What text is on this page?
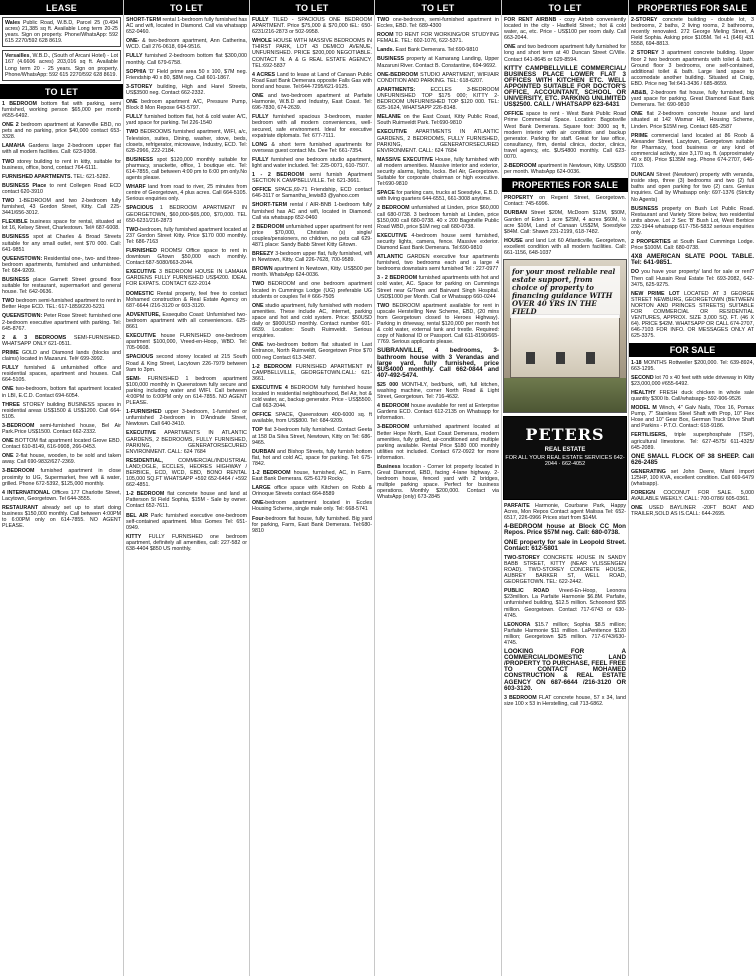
LEASE

Wales Public Road, W.B.D, Parcel 25 (0.494 acres) 21,385 sq ft. Available Long term 20-25 years. Sign on property. Phone/WhatsApp: 592 615 2270/592 628 8619.

Versailles, W.B.D., (South of Arcani Hotel) - Lot 167 (4.6606 acres) 203,016 sq ft. Available Long term 20 - 25 years. Sign on property. Phone/WhatsApp: 592 615 2270/592 628 8619.

TO LET

1 BEDROOM bottom flat with parking, semi furnished, working person $65,000 per month #655-6492.

ONE 2 bedroom apartment at Kaneville EBD, no pets and no parking, price $40,000 contact 653-3328.

LAMAHA Gardens large 2-bedroom upper flat with all modern facilities. Call: 623-9308.

TWO storey building to rent in kitty, suitable for business, office, bond, contact 764-6111.

FURNISHED APARTMENTS. TEL: 621-5282.

BUSINESS Place to rent Collegen Road ECD contact 620-3910

TWO 1-BEDROOM and two 2-bedroom fully furnished, 43 Gordon Street, Kitty. Call 225-3441/656-3012.

FLEXIBLE business space for rental, situated at lot 16, Kelsey Street, Charlestown. Tel# 687-6008.

BUSINESS spot at Charles & Broad Streets suitable for any small outlet, rent $70 000. Call: 641-9851

QUEENSTOWN: Residential one-, two- and three-bedroom apartments, furnished and unfurnished. Tel: 684-9209.

BUSINESS place Garnett Street ground floor suitable for restaurant, supermarket and general house. Tel: 642-0636.

TWO bedroom semi-furnished apartment to rent in Better Hope ECD. TEL: 617-1859/220-5231

QUEENSTOWN: Peter Rose Street: furnished one 2-bedroom executive apartment with parking. Tel: 645-8767.

2 & 3 BEDROOMS SEMI-FURNISHED. WHATSAPP ONLY 621-0511.

PRIME GOLD and Diamond lands (blocks and claims) located in Mazaruni. Tel# 699-3992.

FULLY furnished & unfurnished office and residential spaces, apartment and houses. Call 664-5105.

ONE two-bedroom, bottom flat apartment located in LBI, E.C.D. Contact 694-6054.

THREE STOREY building BUSINESS spaces in residential areas US$1500 & US$1200. Call 664-5105.

3-BEDROOM semi-furnished house, Bel Air Park.Price US$1500. Contact 662-2332.

ONE BOTTOM flat apartment located Grove EBD. Contact 610-8149, 616-9908, 266-0453.

ONE 2-flat house, wooden, to be sold and taken away. Call 690-9832/627-2369.

3-BEDROOM furnished apartment in close proximity to UG, Supermarket, free wifi & water, grilled. Phone 672-5392, $125,000 monthly.

4 INTERNATIONAL Offices 177 Charlotte Street, Lacytown, Georgetown. Tel 644-3555.

RESTAURANT already set up to start doing business $150,000 monthly. Call between 4:00PM to 6:00PM only on 614-7855. NO AGENT PLEASE.

TO LET

SHORT-TERM rental 1-bedroom fully furnished has AC and wifi, located in Diamond. Call via whatsapp 652-0460.

ONE- & two-bedroom apartment, Ann Catherina, WCD. Call 276-0618, 694-9516.

FULLY furnished 2-bedroom bottom flat $300,000 monthly. Call 679-6758.

SOPHIA 'D' Field prime area 50 x 100, $7M neg. Friendship 40 x 80, $8M neg. Call 601-1867.

3-STOREY building, High and Harel Streets, US$3500 neg. Contact 662-2332.

ONE bedroom apartment A/C, Pressure Pump, Block 8 Mon Repose 643-5797.

FULLY furnished bottom flat, hot & cold water A/C, yard space for parking. Tel 226-1540

TWO BEDROOMS furnished apartment, WIFI, a/c, Television, suites, Dining, washer, stove, beds, closets, refrigerator, microwave, Industry, ECD. Tel: 628-2966, 222-2184.

BUSINESS spot $120,000 monthly suitable for pharmacy, snackette, office, 1 boutique etc. Tel: 614-7855, call between 4:00 pm to 6:00 pm only.No agents please.

WHARF land from road to river, 25 minutes from centre of Georgetown, 4 plus acres. Call 664-5105. Serious enquiries only.

SPACIOUS 1 BEDROOM APARTMENT IN GEORGETOWN, $60,000-$65,000, $70,000. TEL 650-6231/216-2873

TWO-bedroom, fully furnished apartment located at 237 Gordon Street Kitty. Price $170 000 monthly. Tel: 686-7163

FURNISHED ROOMS/ Office space to rent in downtown G/town $50,000 each monthly. Contact:687-5080/663-2044.

EXECUTIVE 3 BEDROOM HOUSE IN LAMAHA GARDENS FULLY FURNISHED US$4200. IDEAL FOR EXPATS. CONTACT 622-2014

DOMESTIC Rental property, feel free to contact Mohamed construction & Real Estate Agency on 687-6644 /216-3120 or 603-3120.

ADVENTURE, Essequibo Coast: Unfurnished two-bedroom apartment with all conveniences. 625-8661

EXECUTIVE house FURNISHED one-bedroom apartment $100,000, Vreed-en-Hoop, WBD. Tel: 705-0608.

SPACIOUS second storey located at 215 South Road & King Street, Lacytown 226-7979 between 9am to 3pm.

SEMI- FURNISHED 1 bedroom apartment $100,000 monthly in Queenstown fully secure and parking including water and WIFI. Call between 4:00PM to 6:00PM only on 614-7855. NO AGENT PLEASE.

1-FURNISHED upper 3-bedroom, 1-furnished or unfurnished 2-bedroom in D'Andrade Street, Newtown. Call 640-3410.

EXECUTIVE APARTMENTS IN ATLANTIC GARDENS, 2 BEDROOMS, FULLY FURNISHED, PARKING, GENERATORSECURED ENVIRONMENT. CALL: 624 7684

RESIDENTIAL, COMMERCIAL/INDUSTRIAL LAND;OGLE, ECCLES, HEORES HIGHWAY / BERBICE, ECD, WCD, EBD, BONO RENTAL 105,000 SQ.FT WHATSAPP +592 652-6464 / +592 662-4851.

1-2 BEDROOM flat concrete house and land at Patterson St Field Sophia, $15M - Sale by owner. Contact 652-7611.

BEL AIR Park: furnished executive one-bedroom self-contained apartment. Miss Gomes Tel: 651-0949.

KITTY FULLY FURNISHED one bedroom apartment, definitely all amenities, call: 227-582 or 638-4404 $850 US monthly.

TO LET

FULLY TILED - SPACIOUS ONE BEDROOM APARTMENT. Price $75,000 & $70,000 tEL: 650-6231/216-2873 or 502-9958.

WHOLE HOUSE WITH MASSIVE BEDROOMS IN THIRST PARK, LOT 43 DEMICO AVENUE, UNFURNISHED. PRICE $200,000 NEGOTIABLE. CONTACT N. A & G REAL ESTATE AGENCY. TEL:692-5837

4 ACRES Land to lease at Land of Canaan Public Road East Bank Demerara opposite Falls Gas with bond and house. Tel:644-7295/621-9125.

ONE and two-bedroom apartment at Parfaite Harmonie, W.B.D and Industry, East Coast. Tel: 696-7830, 674-2639.

FULLY furnished spacious 3-bedroom, master bedroom with all modern conveniences, well-secured, safe environment. Ideal for executive expatriate diplomats. Tel: 677-7111.

LONG & short term furnished apartments for overseas guest contact Ms. Dee Tel: 661-7354.

FULLY furnished one bedroom studio apartment, light and water included. Tel: 225-0071, 610-7507.

1 - 2 BEDROOM semi furnish Apartment SECTION K CAMPBELLVILLE. Tel: 621-3661.

OFFICE SPACE,69-71 Friendship, ECD contact 646-3117 or Samantha_lewis83 @yahoo.com

SHORT-TERM rental / AIR-BNB 1-bedroom fully furnished has AC and wifi, located in Diamond. Call via whatsapp 652-0460

2 BEDROOM unfurnished upper apartment for rent price $70,000, Christian (s) single/ couples/pensioners, no children, no pets call 629-4871 place: Sandy Babb Street Kitty G/town.

BREEZY 3-bedroom upper flat, fully furnished, wifi in Newtown, Kitty. Call 226-7628, 700-9589.

BROWN apartment in Newtown, Kitty. US$500 per month. WhatsApp 624-0036.

TWO BEDROOM and one bedroom apartment located in Cummings Lodge (UG) preferable UG students or couples Tel # 666-7505

ONE studio apartment, fully furnished with modern amenities. These include AC, internet, parking space and hot and cold system. Price: $50USD daily or $900USD monthly. Contact number 601-6639. Location: South Ruimveldt. Serious enquiries.

ONE two-bedroom bottom flat situated in Last Entrance, North Ruimveldt, Georgetown Price $70 000 neg Contact 613-3487.

1-2 BEDROOM FURNISHED APARTMENT IN CAMPBELLVILLE, GEORGETOWN.CALL: 621-3661.

EXECUTIVE 4 BEDROOM fully furnished house located in residential neighbourhood, Bel Air, hot & cold water, ac, backup generator. Price - US$5500. Call 663-2044.

OFFICE SPACE, Queenstown 400-6000 sq. ft available, from US$800. Tel: 684-9209.

TOP flat 3-bedroom fully furnished. Contact Geeta at 158 Da Silva Street, Newtown, Kitty on Tel: 686-9465.

DURBAN and Bishop Streets, fully furnish bottom flat, hot and cold AC, space for parking. Tel: 675-7842.

1-2 BEDROOM house, furnished, AC, in Farm, East Bank Demerara. 625-6179 Rocky.

LARGE office space with Kitchen on Robb & Orinoque Streets contact 664-8589

ONE-bedroom apartment located in Eccles Housing Scheme, single male only. Tel: 668-5741

Four-bedroom flat house, fully furnished. Big yard for parking, Farm, East Bank Demerara. Tel:680-9810

TO LET

TWO one-bedroom, semi-furnished apartment in Eccles, EBD. Tel: 689-4300

ROOM TO RENT FOR WORKING/OR STUDYING FEMALE. TEL: 602-1076, 622-5371.

Lands. East Bank Demerara. Tel:690-9810

BUSINESS property at Kamarang Landing, Upper Mazaruni River. Contact B. Constantine, 694-9692.

ONE-BEDROOM STUDIO APARTMENT, WIFI/AIR CONDITION AND PARKING. TEL: 618-6207.

APARTMENTS: ECCLES 3-BEDROOM UNFURNISHED TOP $175 000; KITTY 2-BEDROOM UNFURNISHED TOP $120 000. TEL: 625-1624, WHATSAPP 226-8148.

MELANIE on the East Coast, Kitty Public Road, South Ruimveldt Park. Tel:690-9810

EXECUTIVE APARTMENTS IN ATLANTIC GARDENS, 2 BEDROOMS, FULLY FURNISHED, PARKING, GENERATORSECURED ENVIRONMENT. CALL: 624 7684

MASSIVE EXECUTIVE House, fully furnished with all modern amenities. Massive interior and exterior, security alarms, lights, locks. Bel Air, Georgetown. Suitable for corporate chairman or high executive. Tel:690-9810

SPACE for parking cars, trucks at Soesdyke, E.B.D. with living quarters 644-6551, 661-3008 anytime.

2 BEDROOM unfurnished at Linden, price $60,000 call 680-0738. 3 bedroom furnish at Linden, price $150,000 call 680-0738. 40 x 200 Bagotville Public Road WBD, price $1M neg call 680-0738.

EXECUTIVE 4-bedroom house semi furnished, security lights, camera, fence. Massive exterior. Diamond East Bank Demerara. Tel:690-9810

ATLANTIC GARDEN executive four apartments furnished, two bedrooms each and a large 4 bedrooms downstairs semi furnished Tel : 227-0977

3 - 2 BEDROOM furnished apartments with hot and cold water, AC. Space for parking on Cummings Street near G/Town and Bairvant Singh Hospital. USD$1000 per Month. Call or Whatsapp 660-0244

TWO BEDROOM apartment available for rent in upscale Herstelling New Scheme, EBD, (20 mins from Georgetown closed to Heroes Highway). Parking in driveway, rental $120,000 per month hot & cold water, external tank and trestle. Required: copy of National ID or Passport. Call 611-8190/665-7769. Serious applicants please.

SUBRANVILLE, 4 bedrooms, 3-bathroom house with 3 Verandas and large yard, fully furnished, price $US4000 monthly. Call 662-0844 and 407-492-5474.

$25 000 MONTHLY, bed/bunk, wifi, full kitchen, washing machine, corner North Road & Light Street, Georgetown. Tel: 716-4632.

4 BEDROOM house available for rent at Enterprise Gardens ECD. Contact 612-2135 on Whatsapp for information.

3-BEDROOM unfurnished apartment located at Better Hope North, East Coast Demerara, modern amenities, fully grilled, air-conditioned and multiple parking available. Rental Price $180 000 monthly utilities not included. Contact 672-0922 for more information.

Business location - Corner lot property located in Great Diamond, EBD, facing 4-lane highway. 2-bedroom house, fenced yard with 2 bridges, multiple parking space. Perfect for business operations. Monthly $200,000. Contact via WhatsApp (only) 673-2845

TO LET

FOR RENT AIRBNB - cozy Airbnb conveniently located in the city - Hadfield Street.; hot & cold water, ac, etc. Price - US$100 per room daily. Call 663-2044.

ONE and two bedroom apartment fully furnished for long and short term at 40 Duncan Street C/Ville. Contact 641-8645 or 629-8594.

KITTY CAMPBELLVILLE COMMERCIAL/ BUSINESS PLACE LOWER FLAT 3 OFFICES WITH KITCHEN ETC. WELL APPOINTED SUITABLE FOR DOCTOR'S OFFICE, ACCOUNTANT, SCHOOL OR UNIVERSITY, ETC. PARKING UNLIMITED US$2500. CALL / WHATSAPP 623-6431

OFFICE space to rent - West Bank Public Road Prime Commercial Space. Location: Bagotsville West Bank Demerara. Square foot: 3000 sq ft, modern interior with air condition and backup generator. Parking for staff. Great for law office, consultancy, firm, dental clinics, doctor, clinics, travel agency, etc. $US4800 monthly. Call 623-0070.

2-BEDROOM apartment in Newtown, Kitty. US$500 per month. WhatsApp 624-0036.

PROPERTIES FOR SALE

PROPERTY on Regent Street, Georgetown. Contact: 745-6996.

DURBAN Street $20M, McDoom $12M, $50M, Garden of Eden 1 acre $25M, 4 acres $60M, ½ acre $10M, Land of Canaan US$2M, Soesdyke $84M. Call: Shawn 231-2199, 618-7482.

HOUSE and land Lot 60 Atlanticville, Georgetown, excellent condition with all modern facilities. Call: 661-1156, 648-1037

for your most reliable real estate support, from choice of property to financing guidance WITH OVER 40 YRS IN THE FIELD
PETERS
REAL ESTATE
FOR ALL YOUR REAL ESTATE SERVICES 642-2044 · 662-4052

PARFAITE Harmonie, Courbane Park, Happy Acres, Mon Repos Contact agent Malissa Tel: 652-6517, 226-0966 Prices start from $14M.

4-BEDROOM house at Block CC Mon Repos. Price $57M neg. Call: 680-0738.

ONE property for sale in Leopold Street. Contact: 612-5801

TWO-STOREY CONCRETE HOUSE IN SANDY BABB STREET, KITTY (NEAR VLISSENGEN ROAD). TWO-STOREY CONCRETE HOUSE, AUBREY BARKER ST, WELL ROAD, GEORGETOWN. TEL: 622-2442.

PUBLIC ROAD Vreed-En-Hoop, Leonora $23million. La Parfaite Harmonie $6.8M. Parfaite, unfurnished building, $12.5 million. Schoonord $55 million. Georgetown. Contact 717-6743 or 630-4745.

LEONORA $15.7 million; Sophia $8.5 million; Parfaite Harmonie $11 million. LaPenitence $120 million; Georgetown $25 million. 717-6743/630-4745.

LOOKING FOR A COMMERCIAL/DOMESTIC LAND /PROPERTY TO PURCHASE, FEEL FREE TO CONTACT MOHAMED CONSTRUCTION & REAL ESTATE AGENCY ON 687-6644 /216-3120 OR 603-3120.

3 BEDROOM FLAT concrete house, 57 x 34, land size 100 x 53 in Herstelling, call 713-6862.

PROPERTIES FOR SALE

2-STOREY concrete building - double lot, 3 bedrooms, 2 baths, 2 living rooms, 2 bathrooms, recently renovated. 272 George Meling Street, A Field Sophia. Asking price $105M. Tel +1 (646) 431 5558, 694-8813.

2 STOREY 3 apartment concrete building. Upper floor 2 two bedroom apartments with toilet & bath. Ground floor 3 bedrooms, one self-contained, additional toilet & bath. Large land space to accomodate another building. Situated at Craig, EBD. Price neg Tel:641-3436 / 685-8659.

AB&B, 2-bedroom flat house, fully furnished, big yard space for parking. Great Diamond East Bank Demerara. Tel: 690-9810

ONE flat 2-bedroom concrete house and land situated at 142 Wismar Hill, Housing Scheme, Linden. Price $15M neg. Contact 685-2587

PRIME commercial land located at 86 Roob & Alexander Street, Lacytown, Georgetown suitable for Pharmacy, food business or any kind of commercial activity, size 3,170 sq. ft. (approximately 40 x 80). Price $135M neg. Phone 674-2707, 646-7103.

DUNCAN Street (Newtown) property with veranda, inside step, three (3) bedrooms and two (2) full baths and open parking for two (2) cars. Genius inquiries. Call by Whatsapp only: 697-1376 (Strictly No Agents)

BUSINESS property on Bush Lot Public Road. Restaurant and Variety Store below, two residential units above. Lot 2 Sec 'B' Bush Lot, West Berbice 232-1944 whatsapp 617-756-5832 serious enquiries only.

2 PROPERTIES at South East Cummings Lodge. Price $100M. Call: 680-0738.

4X8 AMERICAN SLATE POOL TABLE. Tel: 641-9851.

DO you have your property/ land for sale or rent? Then call Husain Real Estate Tel: 693-2082, 642-3475, 625-9275.

NEW PRIME LOT LOCATED AT 3 GEORGE STREET NEWBURG, GEORGETOWN (BETWEEN NORTON AND PRINCES STREETS) SUITABLE FOR COMMERCIAL OR RESIDENTIAL VENTURES, APPROX. SIZE 3,000 SQ. FT. (46 X 64). PRICE $42M. WHATSAPP OR CALL 674-2707, 646-7103 FOR INFO. OR MESSAGES ONLY AT 625-3375.

FOR SALE

1-18 MONTHS Rottweiler $200,000. Tel: 639-8924, 663-1295.

SECOND lot 70 x 40 feet with wide driveway in Kitty $23,000,000 #655-6492.

HEALTHY FRESH duck chicken in whole sale quantity $300 lb. Call/whatsapp- 592-906-9526

MODEL M Winch, 4" Galv Nails, 70ox 16, Pomax Pump, 7" Stainless Steel Shaft with Prop, 10" Flex Hose and 10" Gear Box, German Truck Drive Shaft and Parkins - P.T.O. Contact: 618-9186.

FERTILISERS, triple superphosphate (TSP), agricultural limestone. Tel: 627-4575/ 611-4325/ 645-2089.

ONE SMALL FLOCK OF 38 SHEEP. Call 626-2485

GENERATING set John Deere, Miami import 125HP, 100 KVA, excellent condition. Call 669-6479 (whatsapp).

FOREIGN COCONUT FOR SALE. 5,000 AVAILABLE WEEKLY. CALL: 700-0786/ 605-0361.

ONE USED BAYLINER -20FT BOAT AND TRAILER,SOLD AS IS.CALL: 644-2695.
